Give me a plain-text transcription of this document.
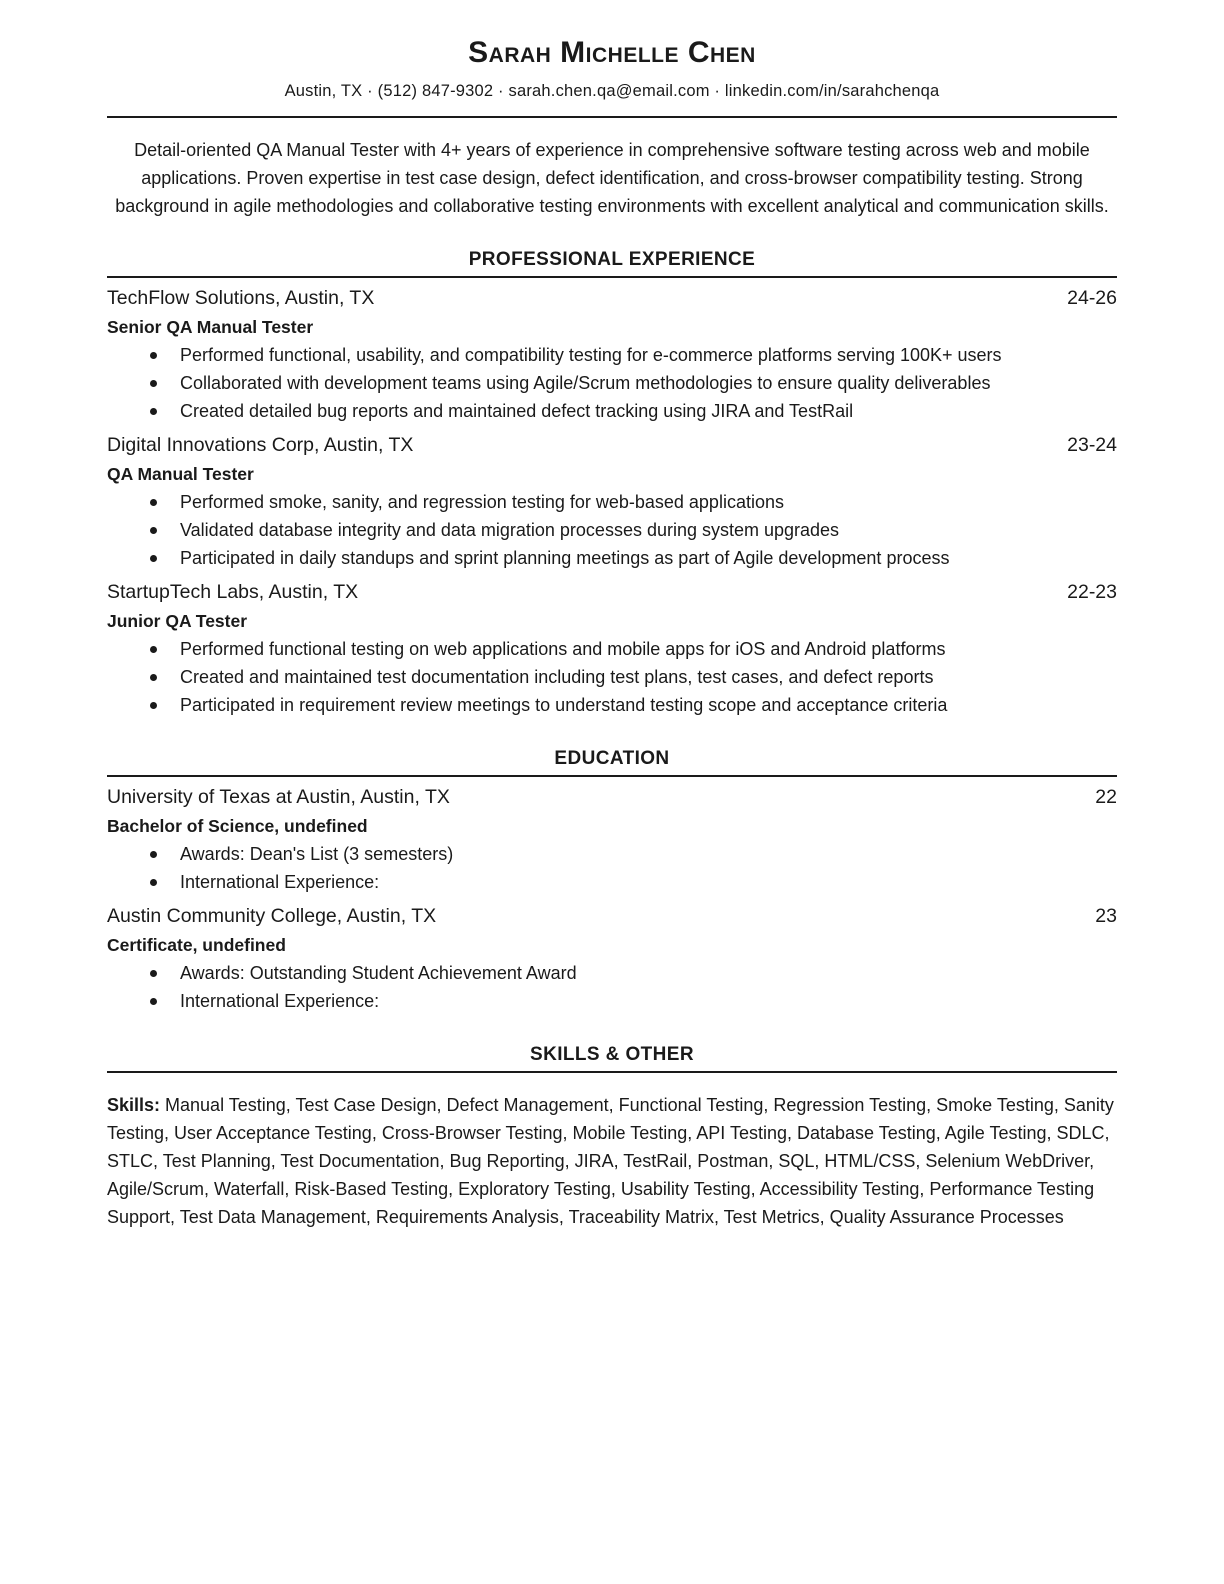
Sarah Michelle Chen
Austin, TX · (512) 847-9302 · sarah.chen.qa@email.com · linkedin.com/in/sarahchenqa

Detail-oriented QA Manual Tester with 4+ years of experience in comprehensive software testing across web and mobile applications. Proven expertise in test case design, defect identification, and cross-browser compatibility testing. Strong background in agile methodologies and collaborative testing environments with excellent analytical and communication skills.

PROFESSIONAL EXPERIENCE
TechFlow Solutions, Austin, TX	24-26
Senior QA Manual Tester
Performed functional, usability, and compatibility testing for e-commerce platforms serving 100K+ users
Collaborated with development teams using Agile/Scrum methodologies to ensure quality deliverables
Created detailed bug reports and maintained defect tracking using JIRA and TestRail
Digital Innovations Corp, Austin, TX	23-24
QA Manual Tester
Performed smoke, sanity, and regression testing for web-based applications
Validated database integrity and data migration processes during system upgrades
Participated in daily standups and sprint planning meetings as part of Agile development process
StartupTech Labs, Austin, TX	22-23
Junior QA Tester
Performed functional testing on web applications and mobile apps for iOS and Android platforms
Created and maintained test documentation including test plans, test cases, and defect reports
Participated in requirement review meetings to understand testing scope and acceptance criteria
EDUCATION
University of Texas at Austin, Austin, TX	22
Bachelor of Science, undefined
Awards: Dean's List (3 semesters)
International Experience:
Austin Community College, Austin, TX	23
Certificate, undefined
Awards: Outstanding Student Achievement Award
International Experience:
SKILLS & OTHER

Skills: Manual Testing, Test Case Design, Defect Management, Functional Testing, Regression Testing, Smoke Testing, Sanity Testing, User Acceptance Testing, Cross-Browser Testing, Mobile Testing, API Testing, Database Testing, Agile Testing, SDLC, STLC, Test Planning, Test Documentation, Bug Reporting, JIRA, TestRail, Postman, SQL, HTML/CSS, Selenium WebDriver, Agile/Scrum, Waterfall, Risk-Based Testing, Exploratory Testing, Usability Testing, Accessibility Testing, Performance Testing Support, Test Data Management, Requirements Analysis, Traceability Matrix, Test Metrics, Quality Assurance Processes
